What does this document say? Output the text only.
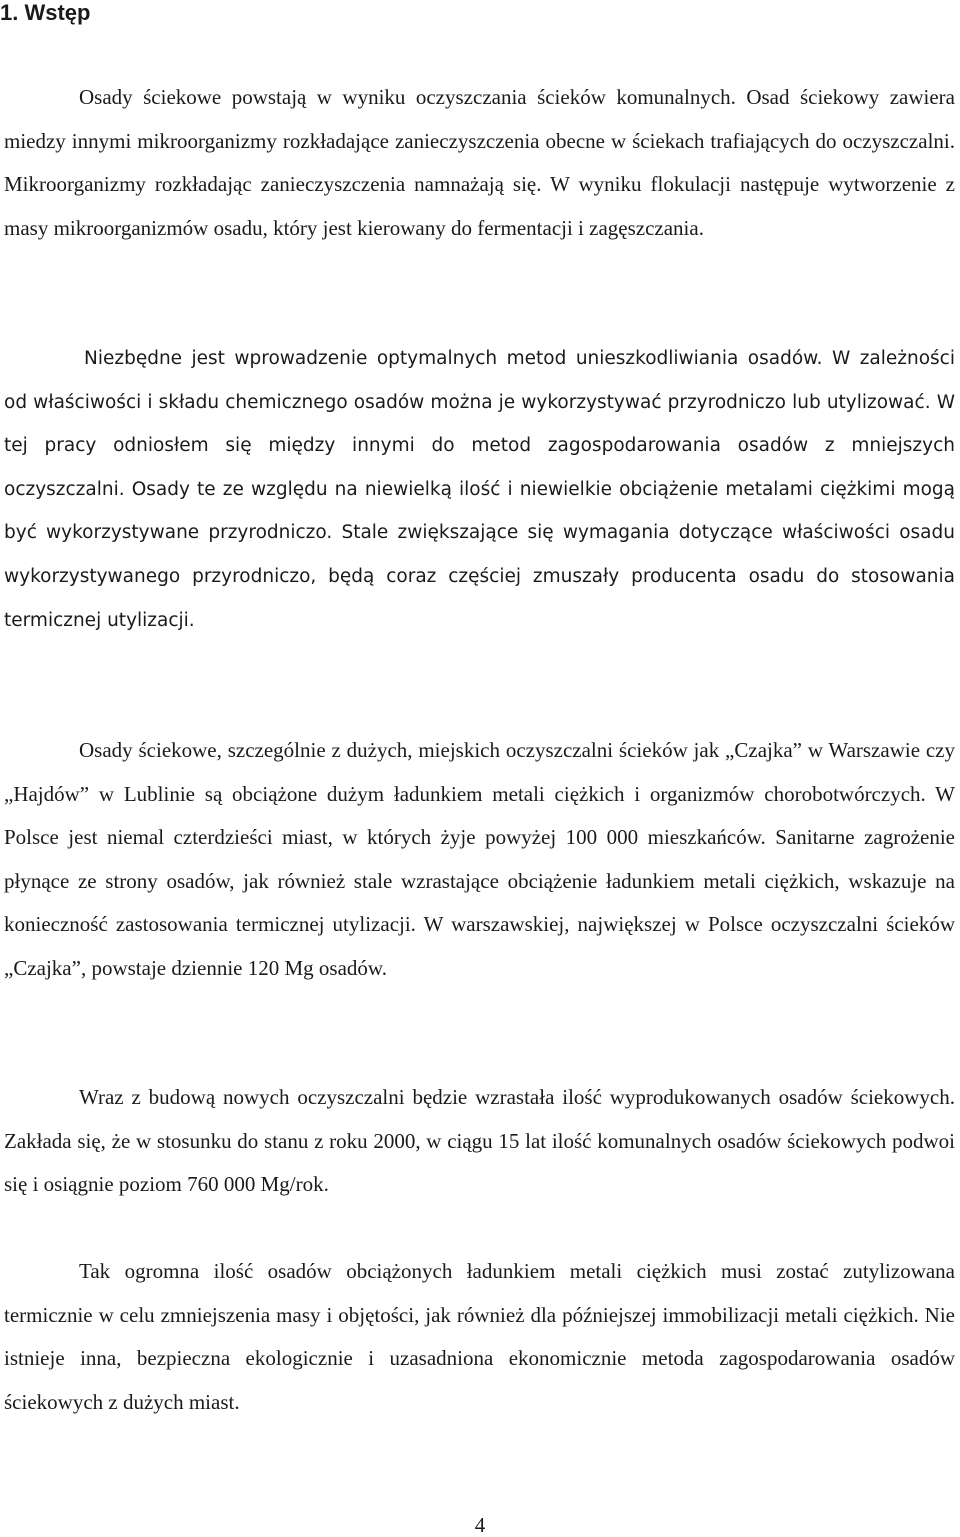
1. Wstęp

Osady ściekowe powstają w wyniku oczyszczania ścieków komunalnych. Osad ściekowy zawiera miedzy innymi mikroorganizmy rozkładające zanieczyszczenia obecne w ściekach trafiających do oczyszczalni. Mikroorganizmy rozkładając zanieczyszczenia namnażają się. W wyniku flokulacji następuje wytworzenie z masy mikroorganizmów osadu, który jest kierowany do fermentacji i zagęszczania.

Niezbędne jest wprowadzenie optymalnych metod unieszkodliwiania osadów. W zależności od właściwości i składu chemicznego osadów można je wykorzystywać przyrodniczo lub utylizować. W tej pracy odniosłem się między innymi do metod zagospodarowania osadów z mniejszych oczyszczalni. Osady te ze względu na niewielką ilość i niewielkie obciążenie metalami ciężkimi mogą być wykorzystywane przyrodniczo. Stale zwiększające się wymagania dotyczące właściwości osadu wykorzystywanego przyrodniczo, będą coraz częściej zmuszały producenta osadu do stosowania termicznej utylizacji.

Osady ściekowe, szczególnie z dużych, miejskich oczyszczalni ścieków jak „Czajka” w Warszawie czy „Hajdów” w Lublinie są obciążone dużym ładunkiem metali ciężkich i organizmów chorobotwórczych. W Polsce jest niemal czterdzieści miast, w których żyje powyżej 100 000 mieszkańców. Sanitarne zagrożenie płynące ze strony osadów, jak również stale wzrastające obciążenie ładunkiem metali ciężkich, wskazuje na konieczność zastosowania termicznej utylizacji. W warszawskiej, największej w Polsce oczyszczalni ścieków „Czajka”, powstaje dziennie 120 Mg osadów.

Wraz z budową nowych oczyszczalni będzie wzrastała ilość wyprodukowanych osadów ściekowych. Zakłada się, że w stosunku do stanu z roku 2000, w ciągu 15 lat ilość komunalnych osadów ściekowych podwoi się i osiągnie poziom 760 000 Mg/rok.

Tak ogromna ilość osadów obciążonych ładunkiem metali ciężkich musi zostać zutylizowana termicznie w celu zmniejszenia masy i objętości, jak również dla późniejszej immobilizacji metali ciężkich. Nie istnieje inna, bezpieczna ekologicznie i uzasadniona ekonomicznie metoda zagospodarowania osadów ściekowych z dużych miast.

4
